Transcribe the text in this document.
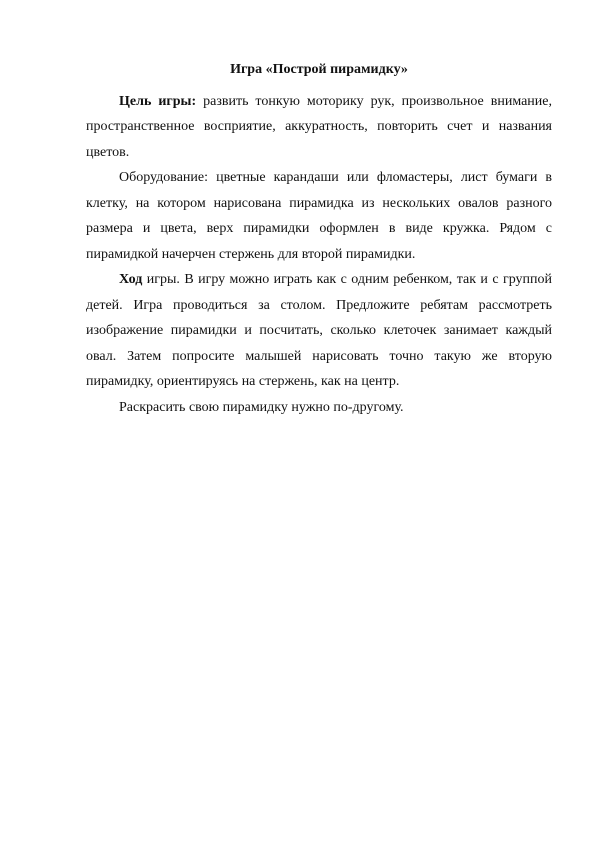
Игра «Построй пирамидку»

Цель игры: развить тонкую моторику рук, произвольное внимание, пространственное восприятие, аккуратность, повторить счет и названия цветов.

Оборудование: цветные карандаши или фломастеры, лист бумаги в клетку, на котором нарисована пирамидка из нескольких овалов разного размера и цвета, верх пирамидки оформлен в виде кружка. Рядом с пирамидкой начерчен стержень для второй пирамидки.

Ход игры. В игру можно играть как с одним ребенком, так и с группой детей. Игра проводиться за столом. Предложите ребятам рассмотреть изображение пирамидки и посчитать, сколько клеточек занимает каждый овал. Затем попросите малышей нарисовать точно такую же вторую пирамидку, ориентируясь на стержень, как на центр.

Раскрасить свою пирамидку нужно по-другому.
